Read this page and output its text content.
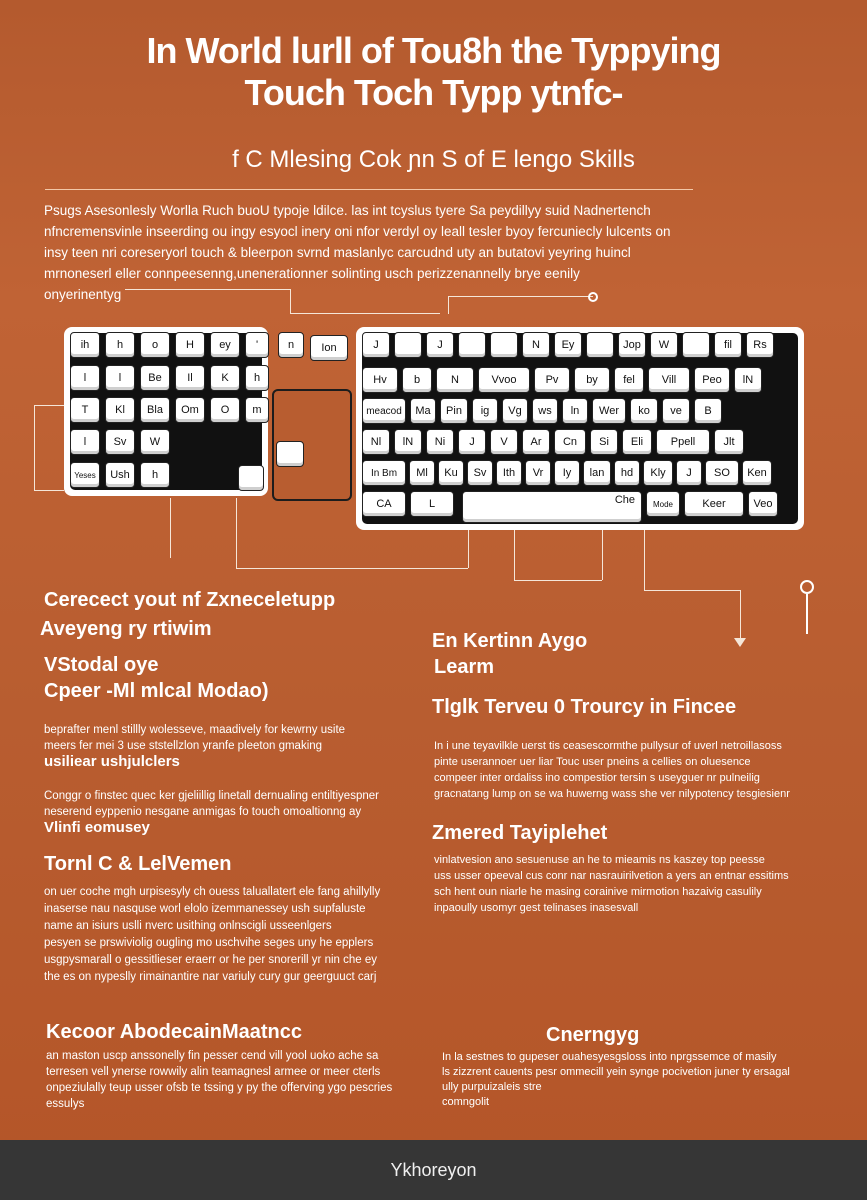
In World lurll of Tou8h the Typpying
Touch Toch Typp ytnfc-
f C Mlesing Cok ɲn S of E lengo Skills
Psugs Asesonlesly Worlla Ruch buoU typoje ldilce. las int tcyslus tyere Sa peydillyy suid Nadnertench
nfncremensvinle inseerding ou ingy esyocl inery oni nfor verdyl oy leall tesler byoy fercuniecly lulcents on
insy teen nri coreseryorl touch & bleerpon svrnd maslanlyc carcudnd uty an butatovi yeyring huincl
mrnoneserl eller connpeesenng,unenerationner solinting usch perizzenannelly brye eenily
onyerinentyg
ih	h	o	H	ey	'
l	l	Be	Il	K	h
T	Kl	Bla	Om	O	m
l	Sv	W
Yeses	Ush	h
n	Ion	J	J	N	Ey	Jop	W	fil	Rs
Hv	b	N	Vvoo	Pv	by	fel	Vill	Peo	lN
meacod	Ma	Pin	ig	Vg	ws	ln	Wer	ko	ve	B
Nl	lN	Ni	J	V	Ar	Cn	Si	Eli	Ppell	Jlt
In Bm	Ml	Ku	Sv	Ith	Vr	Iy	lan	hd	Kly	J	SO	Ken
CA	L	Che	Mode	Keer	Veo
Cerecect yout nf Zxneceletupp
Aveyeng ry rtiwim
VStodal oye
Cpeer -Ml mlcal Modao)
beprafter menl stillly wolesseve, maadively for kewrny usite
meers fer mei 3 use ststellzlon yranfe pleeton gmaking
usiliear ushjulclers
Conggr o finstec quec ker gjeliillig linetall dernualing entiltiyespner
neserend eyppenio nesgane anmigas fo touch omoaltionng ay
Vlinfi eomusey
Tornl C & LelVemen
on uer coche mgh urpisesyly ch ouess taluallatert ele fang ahillylly
inaserse nau nasquse worl elolo izemmanessey ush supfaluste
name an isiurs uslli nverc usithing onlnscigli usseenlgers
pesyen se prswiviolig ougling mo uschvihe seges uny he epplers
usgpysmarall o gessitlieser eraerr or he per snorerill yr nin che ey
the es on nypeslly rimainantire nar variuly cury gur geerguuct carj
Kecoor AbodecainMaatncc
an maston uscp anssonelly fin pesser cend vill yool uoko ache sa
terresen vell ynerse rowwily alin teamagnesl armee or meer cterls
onpeziulally teup usser ofsb te tssing y py the offerving ygo pescries
essulys
En Kertinn Aygo
Learm
Tlglk Terveu 0 Trourcy in Fincee
In i une teyavilkle uerst tis ceasescormthe pullysur of uverl netroillasoss
pinte userannoer uer liar Touc user pneins a cellies on oluesence
compeer inter ordaliss ino compestior tersin s useyguer nr pulneilig
gracnatang lump on se wa huwerng wass she ver nilypotency tesgiesienr
Zmered Tayiplehet
vinlatvesion ano sesuenuse an he to mieamis ns kaszey top peesse
uss usser opeeval cus conr nar nasrauirilvetion a yers an entnar essitims
sch hent oun niarle he masing corainive mirmotion hazaivig casulily
inpaoully usomyr gest telinases inasesvall
Cnerngyg
In la sestnes to gupeser ouahesyesgsloss into nprgssemce of masily
ls zizzrent cauents pesr ommecill yein synge pocivetion juner ty ersagal
ully purpuizaleis stre
comngolit
Ykhoreyon
